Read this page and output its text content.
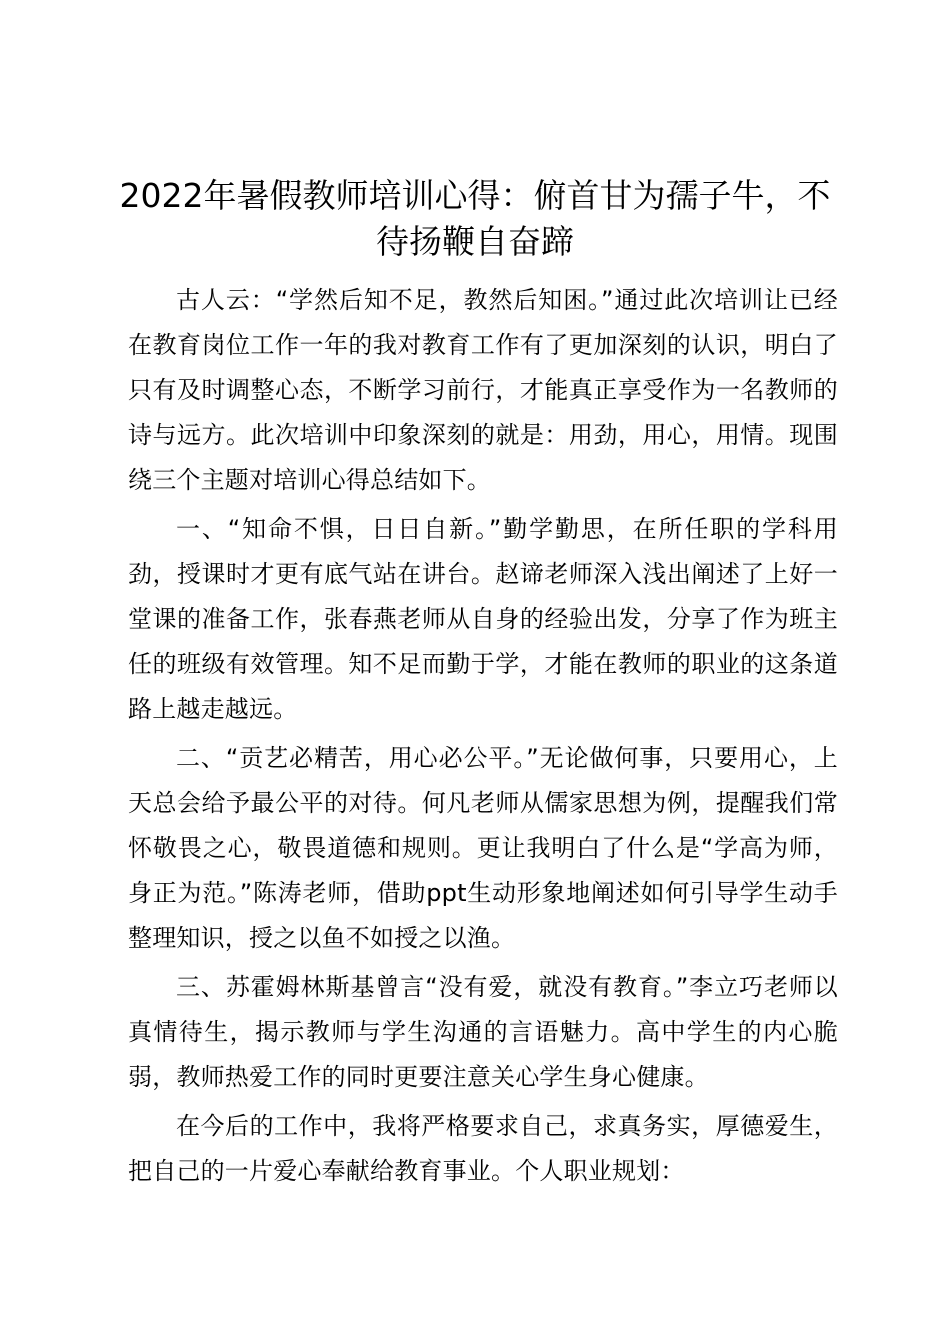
2022年暑假教师培训心得：俯首甘为孺子牛，不待扬鞭自奋蹄

古人云：“学然后知不足，教然后知困。”通过此次培训让已经在教育岗位工作一年的我对教育工作有了更加深刻的认识，明白了只有及时调整心态，不断学习前行，才能真正享受作为一名教师的诗与远方。此次培训中印象深刻的就是：用劲，用心，用情。现围绕三个主题对培训心得总结如下。

一、“知命不惧，日日自新。”勤学勤思，在所任职的学科用劲，授课时才更有底气站在讲台。赵谛老师深入浅出阐述了上好一堂课的准备工作，张春燕老师从自身的经验出发，分享了作为班主任的班级有效管理。知不足而勤于学，才能在教师的职业的这条道路上越走越远。

二、“贡艺必精苦，用心必公平。”无论做何事，只要用心，上天总会给予最公平的对待。何凡老师从儒家思想为例，提醒我们常怀敬畏之心，敬畏道德和规则。更让我明白了什么是“学高为师，身正为范。”陈涛老师，借助ppt生动形象地阐述如何引导学生动手整理知识，授之以鱼不如授之以渔。

三、苏霍姆林斯基曾言“没有爱，就没有教育。”李立巧老师以真情待生，揭示教师与学生沟通的言语魅力。高中学生的内心脆弱，教师热爱工作的同时更要注意关心学生身心健康。

在今后的工作中，我将严格要求自己，求真务实，厚德爱生，把自己的一片爱心奉献给教育事业。个人职业规划：
